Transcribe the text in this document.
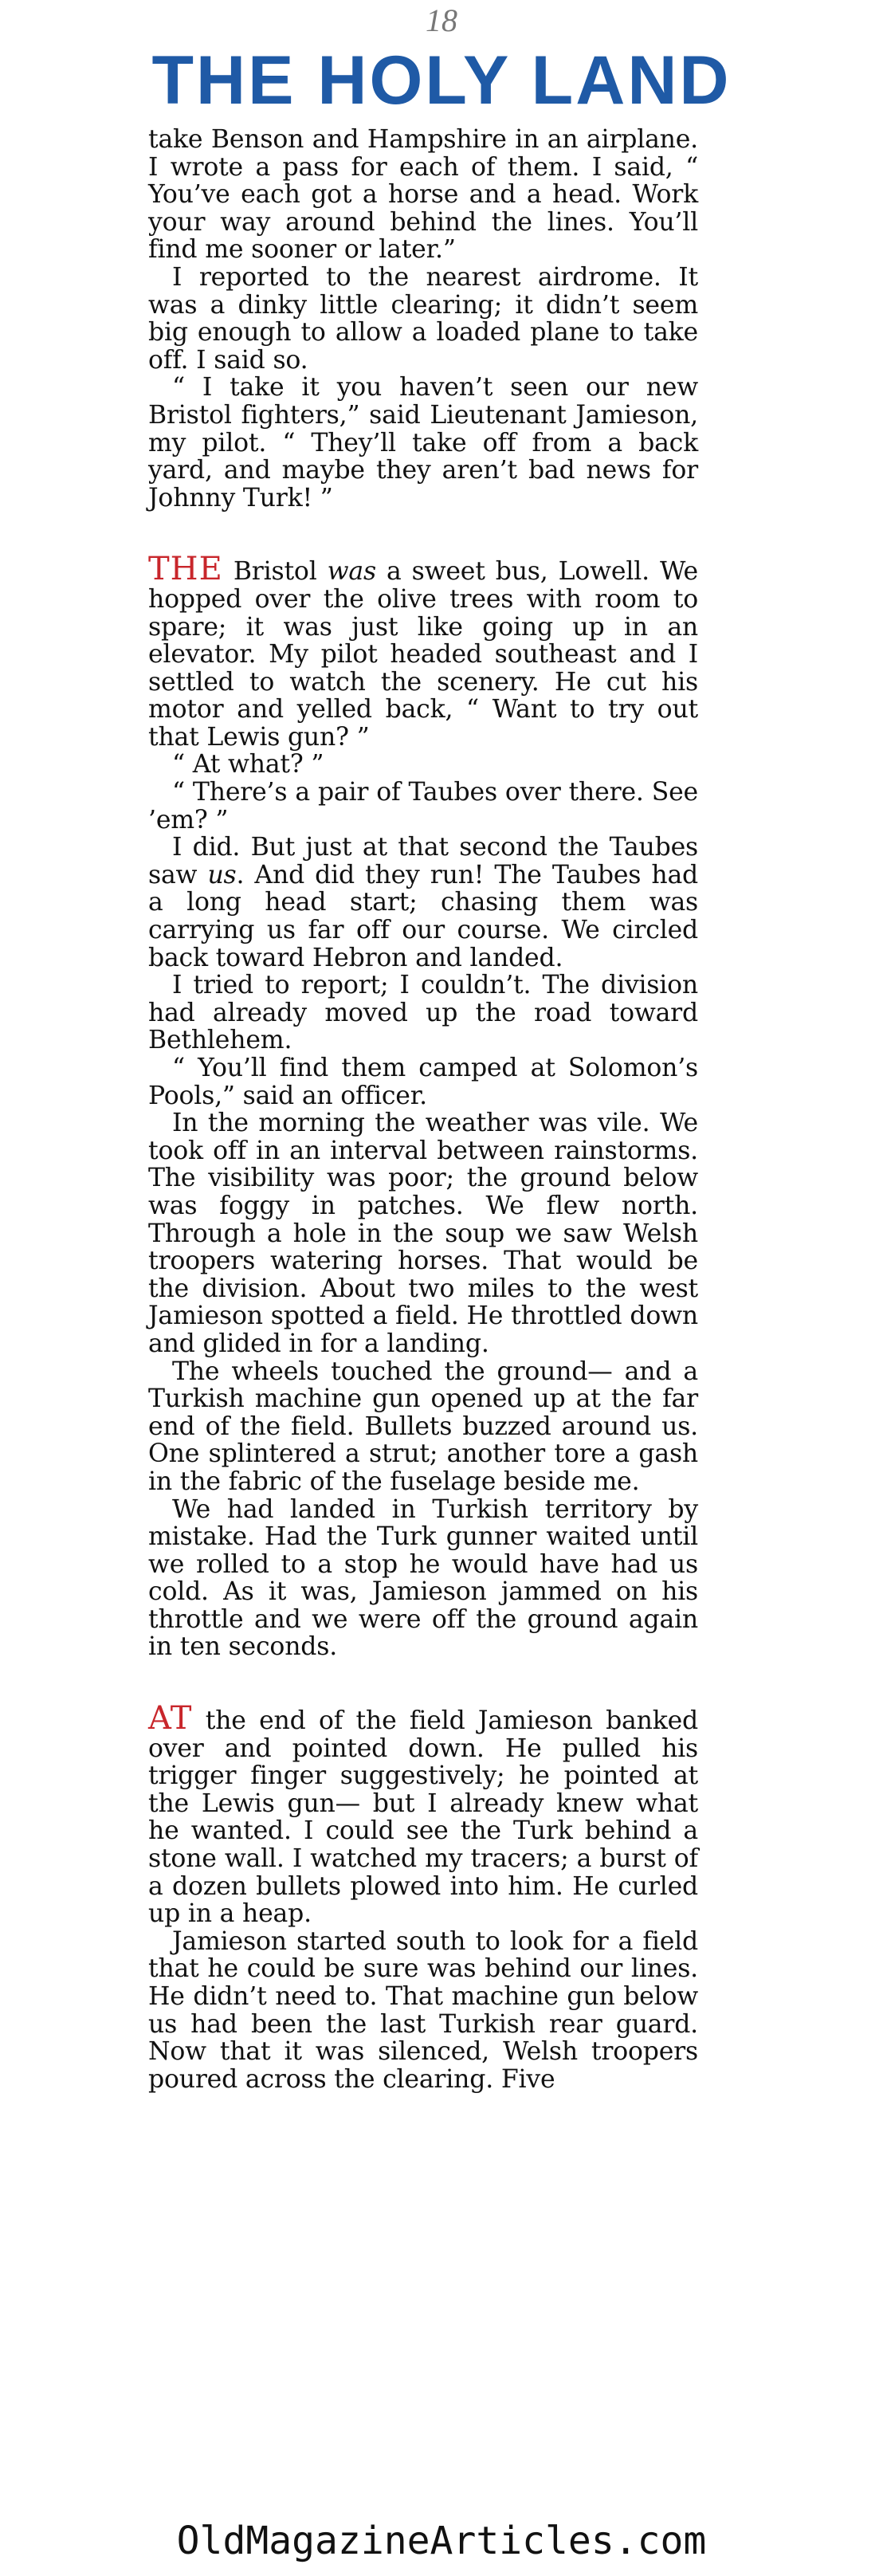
18
THE HOLY LAND

take Benson and Hampshire in an airplane. I wrote a pass for each of them. I said, “ You’ve each got a horse and a head. Work your way around behind the lines. You’ll find me sooner or later.”

I reported to the nearest airdrome. It was a dinky little clearing; it didn’t seem big enough to allow a loaded plane to take off. I said so.

“ I take it you haven’t seen our new Bristol fighters,” said Lieutenant Jamieson, my pilot. “ They’ll take off from a back yard, and maybe they aren’t bad news for Johnny Turk! ”

THE Bristol was a sweet bus, Lowell. We hopped over the olive trees with room to spare; it was just like going up in an elevator. My pilot headed southeast and I settled to watch the scenery. He cut his motor and yelled back, “ Want to try out that Lewis gun? ”

“ At what? ”

“ There’s a pair of Taubes over there. See ’em? ”

I did. But just at that second the Taubes saw us. And did they run! The Taubes had a long head start; chasing them was carrying us far off our course. We circled back toward Hebron and landed.

I tried to report; I couldn’t. The division had already moved up the road toward Bethlehem.

“ You’ll find them camped at Solomon’s Pools,” said an officer.

In the morning the weather was vile. We took off in an interval between rainstorms. The visibility was poor; the ground below was foggy in patches. We flew north. Through a hole in the soup we saw Welsh troopers watering horses. That would be the division. About two miles to the west Jamieson spotted a field. He throttled down and glided in for a landing.

The wheels touched the ground— and a Turkish machine gun opened up at the far end of the field. Bullets buzzed around us. One splintered a strut; another tore a gash in the fabric of the fuselage beside me.

We had landed in Turkish territory by mistake. Had the Turk gunner waited until we rolled to a stop he would have had us cold. As it was, Jamieson jammed on his throttle and we were off the ground again in ten seconds.

AT the end of the field Jamieson banked over and pointed down. He pulled his trigger finger suggestively; he pointed at the Lewis gun— but I already knew what he wanted. I could see the Turk behind a stone wall. I watched my tracers; a burst of a dozen bullets plowed into him. He curled up in a heap.

Jamieson started south to look for a field that he could be sure was behind our lines. He didn’t need to. That machine gun below us had been the last Turkish rear guard. Now that it was silenced, Welsh troopers poured across the clearing. Five

OldMagazineArticles.com
